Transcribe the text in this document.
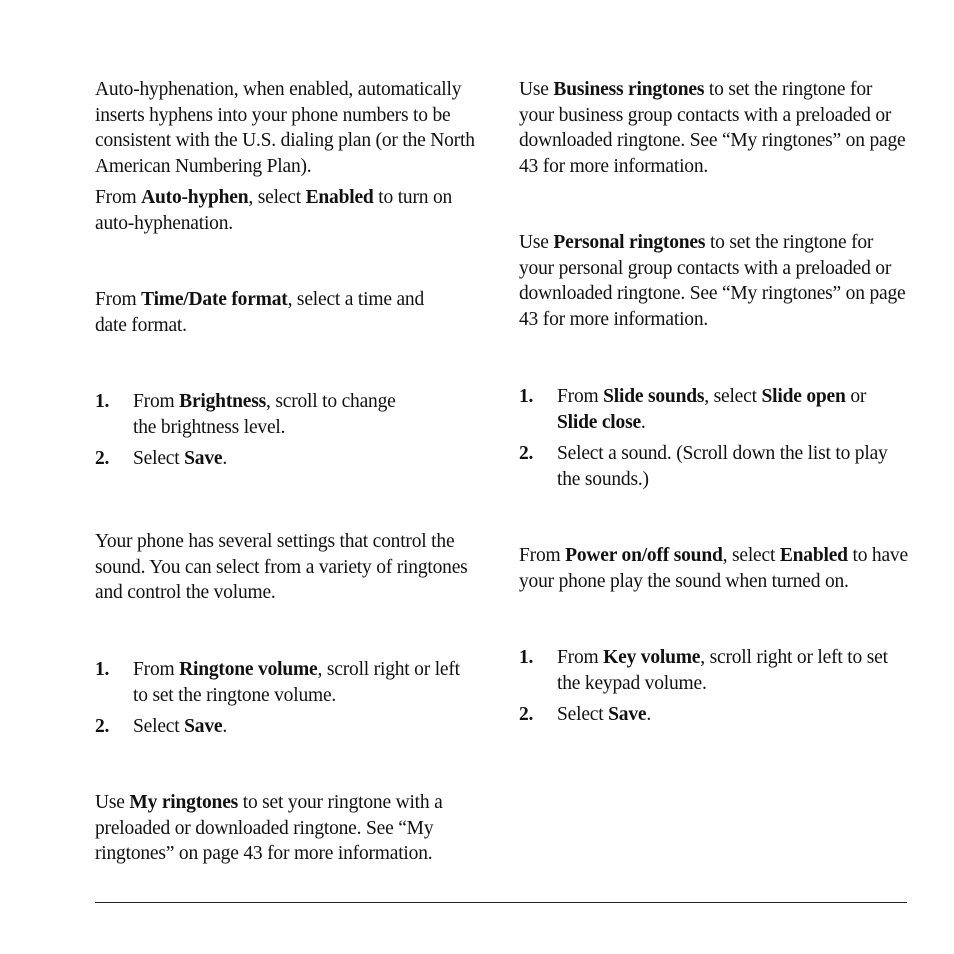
Auto-hyphenation, when enabled, automatically inserts hyphens into your phone numbers to be consistent with the U.S. dialing plan (or the North American Numbering Plan).
From Auto-hyphen, select Enabled to turn on auto-hyphenation.
From Time/Date format, select a time and date format.
1. From Brightness, scroll to change the brightness level.
2. Select Save.
Your phone has several settings that control the sound. You can select from a variety of ringtones and control the volume.
1. From Ringtone volume, scroll right or left to set the ringtone volume.
2. Select Save.
Use My ringtones to set your ringtone with a preloaded or downloaded ringtone. See “My ringtones” on page 43 for more information.
Use Business ringtones to set the ringtone for your business group contacts with a preloaded or downloaded ringtone. See “My ringtones” on page 43 for more information.
Use Personal ringtones to set the ringtone for your personal group contacts with a preloaded or downloaded ringtone. See “My ringtones” on page 43 for more information.
1. From Slide sounds, select Slide open or Slide close.
2. Select a sound. (Scroll down the list to play the sounds.)
From Power on/off sound, select Enabled to have your phone play the sound when turned on.
1. From Key volume, scroll right or left to set the keypad volume.
2. Select Save.
